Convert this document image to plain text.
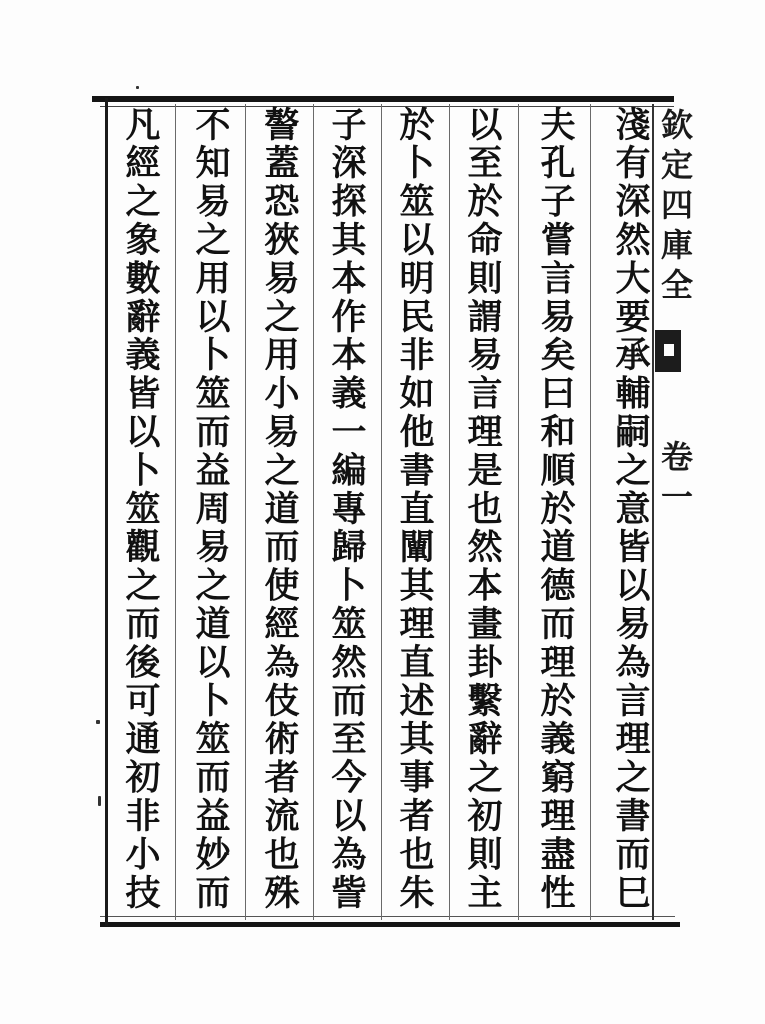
欽定四庫全
卷一
淺有深然大要承輔嗣之意皆以易為言理之書而巳
夫孔子嘗言易矣曰和順於道德而理於義窮理盡性
以至於命則謂易言理是也然本畫卦繫辭之初則主
於卜筮以明民非如他書直闡其理直述其事者也朱
子深探其本作本義一編專歸卜筮然而至今以為訾
謷蓋恐狹易之用小易之道而使經為伎術者流也殊
不知易之用以卜筮而益周易之道以卜筮而益妙而
凡經之象數辭義皆以卜筮觀之而後可通初非小技
